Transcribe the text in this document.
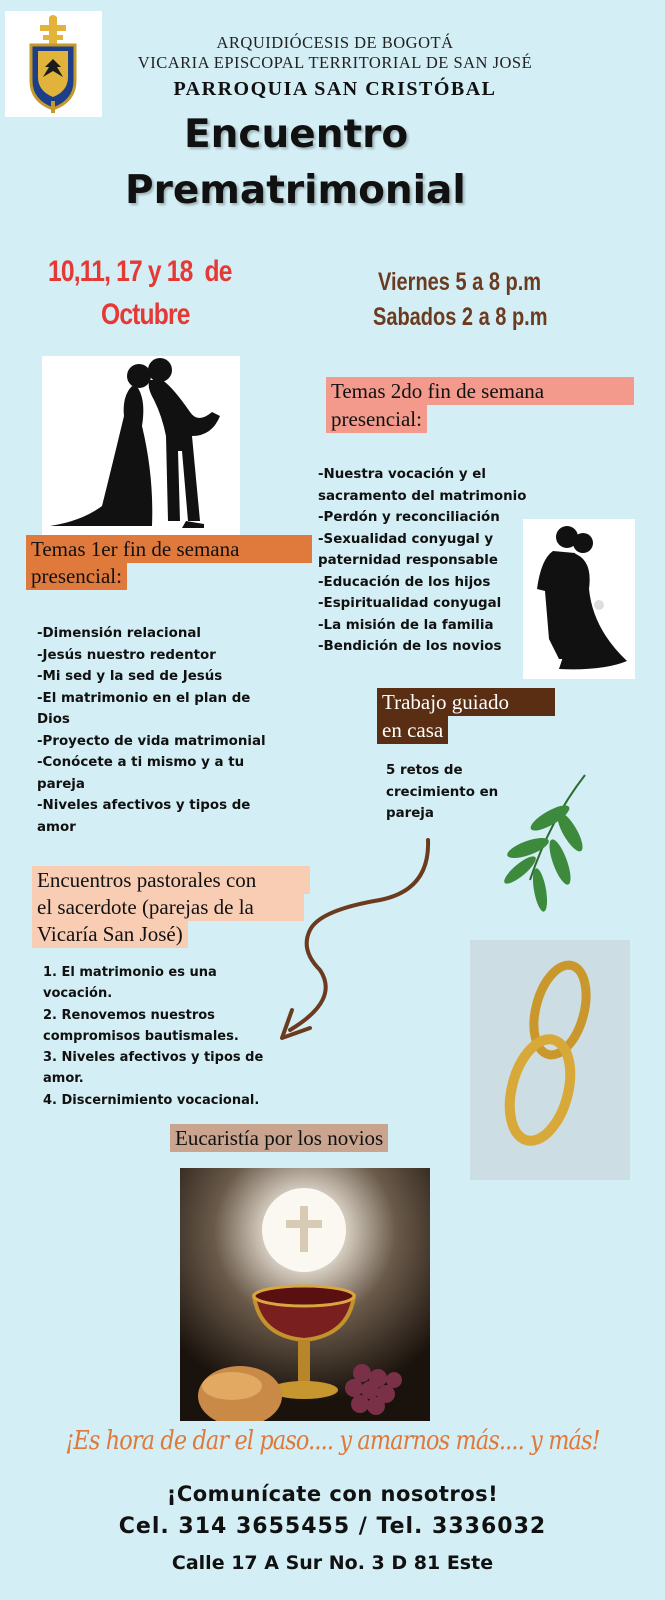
ARQUIDIÓCESIS DE BOGOTÁ
VICARIA EPISCOPAL TERRITORIAL DE SAN JOSÉ
PARROQUIA SAN CRISTÓBAL
Encuentro
Prematrimonial
10,11, 17 y 18  de
Octubre
Viernes 5 a 8 p.m
Sabados 2 a 8 p.m
Temas 2do fin de semana
presencial:
-Nuestra vocación y el
sacramento del matrimonio
-Perdón y reconciliación
-Sexualidad conyugal y
paternidad responsable
-Educación de los hijos
-Espiritualidad conyugal
-La misión de la familia
-Bendición de los novios
Temas 1er fin de semana
presencial:
-Dimensión relacional
-Jesús nuestro redentor
-Mi sed y la sed de Jesús
-El matrimonio en el plan de
Dios
-Proyecto de vida matrimonial
-Conócete a ti mismo y a tu
pareja
-Niveles afectivos y tipos de
amor
Trabajo guiado
en casa
5 retos de
crecimiento en
pareja
Encuentros pastorales con
el sacerdote (parejas de la
Vicaría San José)
1. El matrimonio es una
vocación.
2. Renovemos nuestros
compromisos bautismales.
3. Niveles afectivos y tipos de
amor.
4. Discernimiento vocacional.
Eucaristía por los novios
¡Es hora de dar el paso.... y amarnos más.... y más!
¡Comunícate con nosotros!
Cel. 314 3655455 / Tel. 3336032
Calle 17 A Sur No. 3 D 81 Este
